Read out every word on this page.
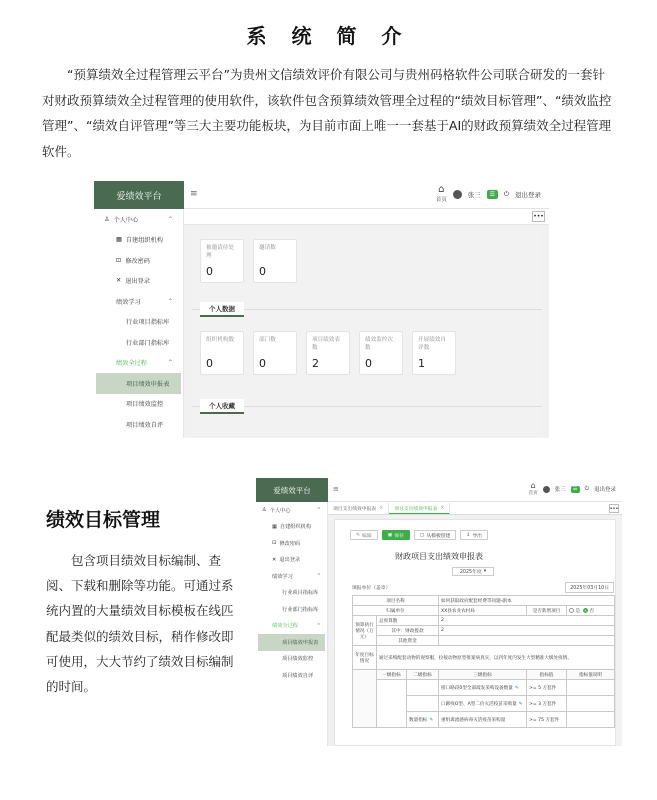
系 统 简 介

“预算绩效全过程管理云平台”为贵州文信绩效评价有限公司与贵州码格软件公司联合研发的一套针对财政预算绩效全过程管理的使用软件，该软件包含预算绩效管理全过程的“绩效目标管理”、“绩效监控管理”、“绩效自评管理”等三大主要功能板块，为目前市面上唯一一套基于AI的财政预算绩效全过程管理软件。

爱绩效平台	≡	⌂
首页
张三	☰	⏻ 退出登录
♙ 个人中心	⌃
▦ 自建组织机构
⊡ 修改密码
✕ 退出登录
绩效学习	⌃
行业项目指标库
行业部门指标库
绩效全过程	⌃
项目绩效申报表
项目绩效监控
项目绩效自评
•••
被邀请待处理
0
邀请数
0
个人数据
组织机构数
0
部门数
0
项目绩效表数
2
绩效监控次数
0
开展绩效自评数
1
个人收藏
绩效目标管理

包含项目绩效目标编制、查阅、下载和删除等功能。可通过系统内置的大量绩效目标模板在线匹配最类似的绩效目标，稍作修改即可使用，大大节约了绩效目标编制的时间。

爱绩效平台	≡	⌂
首页
张三	☰	⏻ 退出登录
♙ 个人中心	⌃
▦ 自建组织机构
⊡ 修改密码
✕ 退出登录
绩效学习	⌃
行业项目指标库
行业部门指标库
绩效全过程	⌃
项目绩效申报表
项目绩效监控
项目绩效自评
项目支出绩效申报表 × 项目支出绩效申报表 ×	•••
✎ 编辑	▣ 保存	▢ 从模板创建	⇩ 导出
财政项目支出绩效申报表
2025年度 ▾
填报单位（盖章）	2025年03月10日
项目名称			如何获取政府配套经费等问题-副本		
归属单位			XX县农业农村局	是否新增项目	是 否
预算执行情况（万元）	总预算数		2		
	其中：财政拨款		2		
	其他资金				
年度目标情况	通过采购配套动物的观察服，拉接动物原型推案病真实，以四年度内发生大型精准大级处疫情。				
	一级指标	二级指标	三级指标	指标值	指标值说明
			接口路段0型全部疏发采购设备数量 ✎	>= 5 万套件	
			口蹄疫O型、A型二价灭活疫苗采购量 ✎	>= 3 万套件	
		数量指标 ✎	重组禽流感病毒灭活疫苗采购量	>= 75 万套件	
